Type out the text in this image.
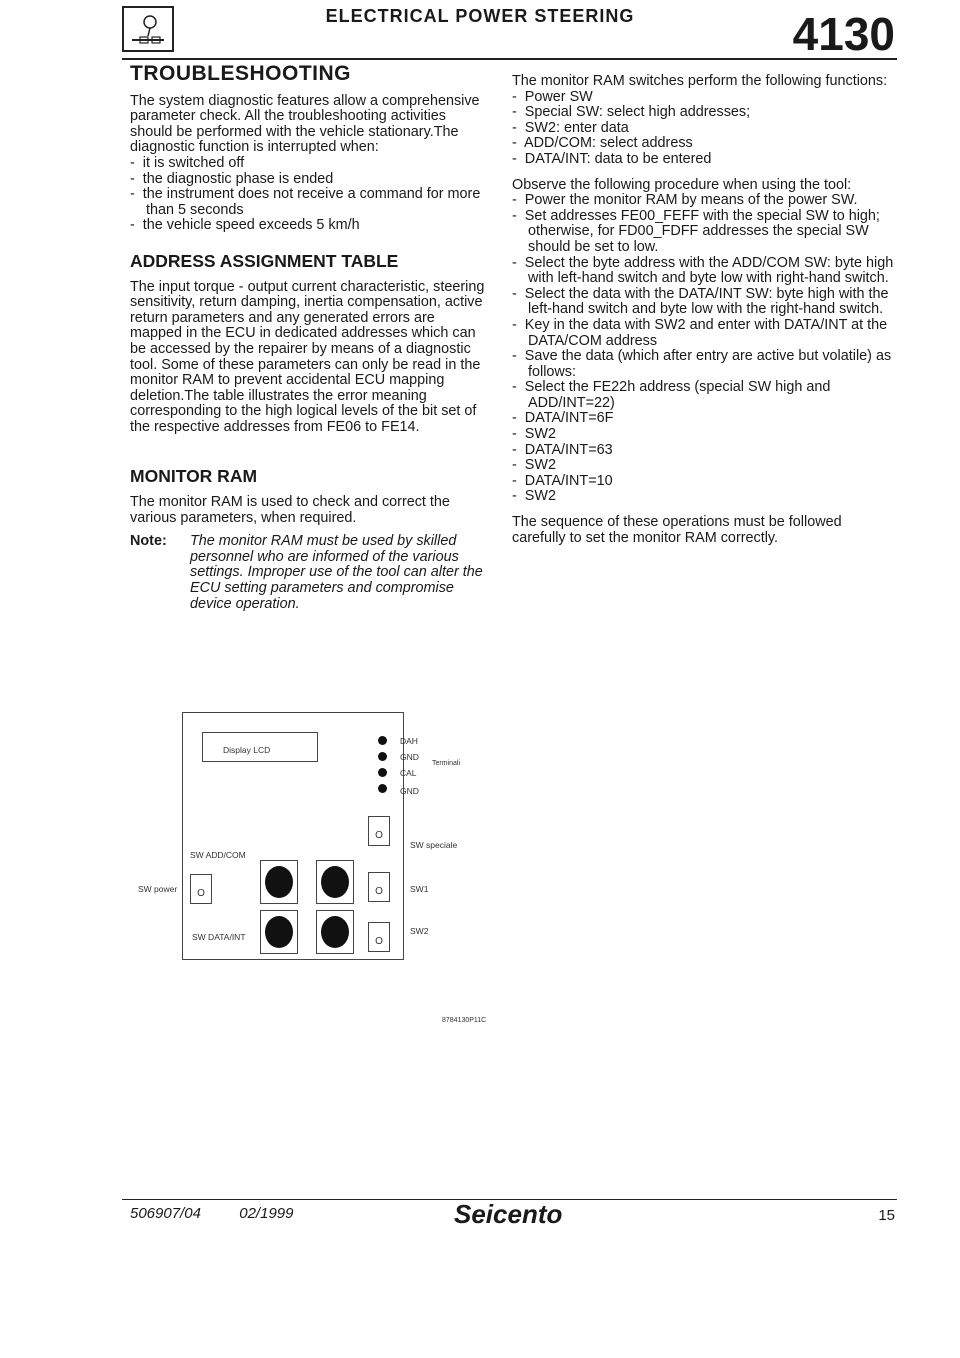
ELECTRICAL POWER STEERING	4130
TROUBLESHOOTING

The system diagnostic features allow a comprehensive parameter check. All the troubleshooting activities should be performed with the vehicle stationary.The diagnostic function is interrupted when:

- it is switched off
- the diagnostic phase is ended
- the instrument does not receive a command for more than 5 seconds
- the vehicle speed exceeds 5 km/h
ADDRESS ASSIGNMENT TABLE

The input torque - output current characteristic, steering sensitivity, return damping, inertia compensation, active return parameters and any generated errors are mapped in the ECU in dedicated addresses which can be accessed by the repairer by means of a diagnostic tool. Some of these parameters can only be read in the monitor RAM to prevent accidental ECU mapping deletion.The table illustrates the error meaning corresponding to the high logical levels of the bit set of the respective addresses from FE06 to FE14.

MONITOR RAM

The monitor RAM is used to check and correct the various parameters, when required.

Note:	The monitor RAM must be used by skilled personnel who are informed of the various settings. Improper use of the tool can alter the ECU setting parameters and compromise device operation.

The monitor RAM switches perform the following functions:

- Power SW
- Special SW: select high addresses;
- SW2: enter data
- ADD/COM: select address
- DATA/INT: data to be entered

Observe the following procedure when using the tool:

- Power the monitor RAM by means of the power SW.
- Set addresses FE00_FEFF with the special SW to high; otherwise, for FD00_FDFF addresses the special SW should be set to low.
- Select the byte address with the ADD/COM SW: byte high with left-hand switch and byte low with right-hand switch.
- Select the data with the DATA/INT SW: byte high with the left-hand switch and byte low with the right-hand switch.
- Key in the data with SW2 and enter with DATA/INT at the DATA/COM address
- Save the data (which after entry are active but volatile) as follows:
- Select the FE22h address (special SW high and ADD/INT=22)
- DATA/INT=6F
- SW2
- DATA/INT=63
- SW2
- DATA/INT=10
- SW2

The sequence of these operations must be followed carefully to set the monitor RAM correctly.

Display LCD
DAH
GND
CAL
GND
Terminali
O
SW speciale
SW ADD/COM
SW power	O	O	SW1
O
SW DATA/INT
SW2
8784130P11C
506907/04	02/1999	Seicento	15
